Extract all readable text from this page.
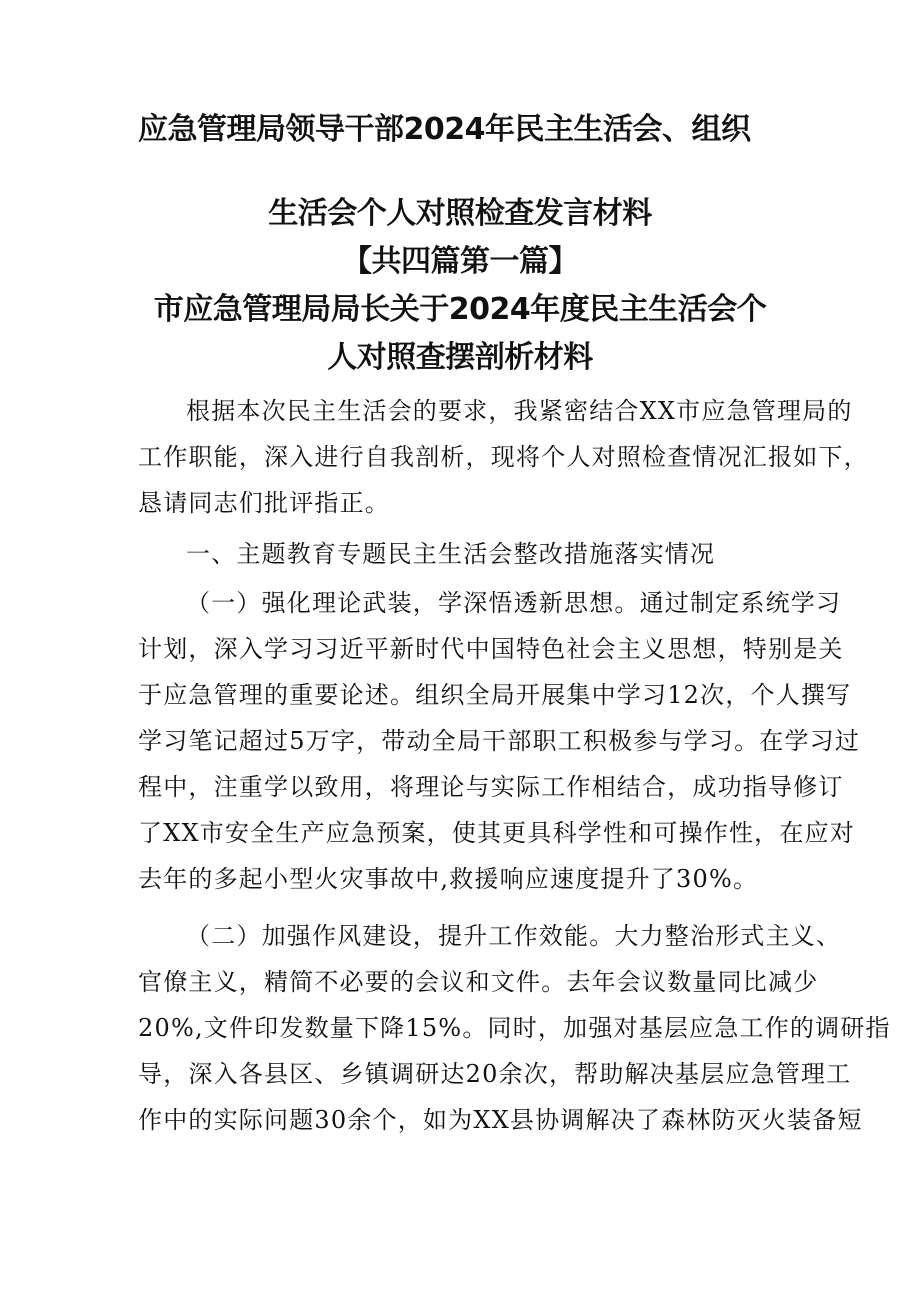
应急管理局领导干部2024年民主生活会、组织

生活会个人对照检查发言材料

【共四篇第一篇】

市应急管理局局长关于2024年度民主生活会个

人对照查摆剖析材料

根据本次民主生活会的要求，我紧密结合XX市应急管理局的

工作职能，深入进行自我剖析，现将个人对照检查情况汇报如下，

恳请同志们批评指正。

一、主题教育专题民主生活会整改措施落实情况

（一）强化理论武装，学深悟透新思想。通过制定系统学习

计划，深入学习习近平新时代中国特色社会主义思想，特别是关

于应急管理的重要论述。组织全局开展集中学习12次，个人撰写

学习笔记超过5万字，带动全局干部职工积极参与学习。在学习过

程中，注重学以致用，将理论与实际工作相结合，成功指导修订

了XX市安全生产应急预案，使其更具科学性和可操作性，在应对

去年的多起小型火灾事故中,救援响应速度提升了30%。

（二）加强作风建设，提升工作效能。大力整治形式主义、

官僚主义，精简不必要的会议和文件。去年会议数量同比减少

20%,文件印发数量下降15%。同时，加强对基层应急工作的调研指

导，深入各县区、乡镇调研达20余次，帮助解决基层应急管理工

作中的实际问题30余个，如为XX县协调解决了森林防灭火装备短
